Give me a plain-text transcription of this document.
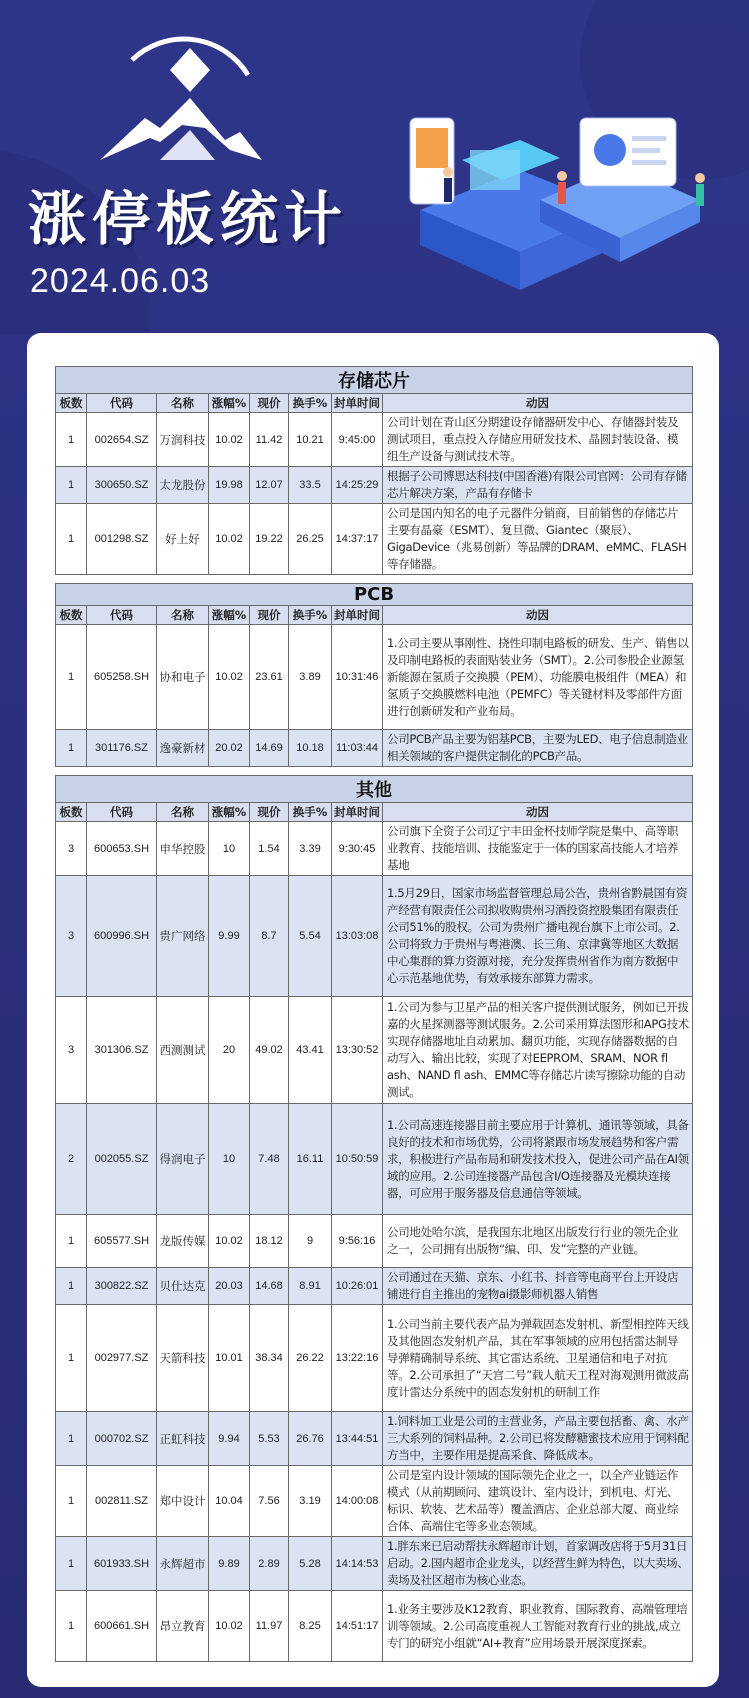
涨停板统计
2024.06.03
存储芯片							
板数	代码	名称	涨幅%	现价	换手%	封单时间	动因
1	002654.SZ	万润科技	10.02	11.42	10.21	9:45:00	公司计划在青山区分期建设存储器研发中心、存储器封装及测试项目，重点投入存储应用研发技术、晶圆封装设备、模组生产设备与测试技术等。
1	300650.SZ	太龙股份	19.98	12.07	33.5	14:25:29	根据子公司博思达科技(中国香港)有限公司官网：公司有存储芯片解决方案，产品有存储卡
1	001298.SZ	好上好	10.02	19.22	26.25	14:37:17	公司是国内知名的电子元器件分销商，目前销售的存储芯片主要有晶豪（ESMT）、复旦微、Giantec（聚辰）、GigaDevice（兆易创新）等品牌的DRAM、eMMC、FLASH等存储器。
PCB							
板数	代码	名称	涨幅%	现价	换手%	封单时间	动因
1	605258.SH	协和电子	10.02	23.61	3.89	10:31:46	1.公司主要从事刚性、挠性印制电路板的研发、生产、销售以及印制电路板的表面贴装业务（SMT）。2.公司参股企业源氢新能源在氢质子交换膜（PEM）、功能膜电极组件（MEA）和氢质子交换膜燃料电池（PEMFC）等关键材料及零部件方面进行创新研发和产业布局。
1	301176.SZ	逸豪新材	20.02	14.69	10.18	11:03:44	公司PCB产品主要为铝基PCB，主要为LED、电子信息制造业相关领域的客户提供定制化的PCB产品。
其他							
板数	代码	名称	涨幅%	现价	换手%	封单时间	动因
3	600653.SH	申华控股	10	1.54	3.39	9:30:45	公司旗下全资子公司辽宁丰田金杯技师学院是集中、高等职业教育、技能培训、技能鉴定于一体的国家高技能人才培养基地
3	600996.SH	贵广网络	9.99	8.7	5.54	13:03:08	1.5月29日，国家市场监督管理总局公告，贵州省黔晨国有资产经营有限责任公司拟收购贵州习酒投资控股集团有限责任公司51%的股权。公司为贵州广播电视台旗下上市公司。2.公司将致力于贵州与粤港澳、长三角、京津冀等地区大数据中心集群的算力资源对接，充分发挥贵州省作为南方数据中心示范基地优势，有效承接东部算力需求。
3	301306.SZ	西测测试	20	49.02	43.41	13:30:52	1.公司为参与卫星产品的相关客户提供测试服务，例如已开拔嘉的火星探测器等测试服务。2.公司采用算法图形和APG技术实现存储器地址自动累加、翻页功能，实现存储器数据的自动写入、输出比较，实现了对EEPROM、SRAM、NOR fl ash、NAND fl ash、EMMC等存储芯片读写擦除功能的自动测试。
2	002055.SZ	得润电子	10	7.48	16.11	10:50:59	1.公司高速连接器目前主要应用于计算机、通讯等领域，具备良好的技术和市场优势，公司将紧跟市场发展趋势和客户需求，积极进行产品布局和研发技术投入，促进公司产品在AI领域的应用。2.公司连接器产品包含I/O连接器及光模块连接器，可应用于服务器及信息通信等领域。
1	605577.SH	龙版传媒	10.02	18.12	9	9:56:16	公司地处哈尔滨，是我国东北地区出版发行行业的领先企业之一，公司拥有出版物“编、印、发”完整的产业链。
1	300822.SZ	贝仕达克	20.03	14.68	8.91	10:26:01	公司通过在天猫、京东、小红书、抖音等电商平台上开设店铺进行自主推出的宠物ai摄影师机器人销售
1	002977.SZ	天箭科技	10.01	38.34	26.22	13:22:16	1.公司当前主要代表产品为弹载固态发射机、新型相控阵天线及其他固态发射机产品，其在军事领域的应用包括雷达制导导弹精确制导系统、其它雷达系统、卫星通信和电子对抗等。2.公司承担了“天宫二号”载人航天工程对海观测用微波高度计雷达分系统中的固态发射机的研制工作
1	000702.SZ	正虹科技	9.94	5.53	26.76	13:44:51	1.饲料加工业是公司的主营业务，产品主要包括畜、禽、水产三大系列的饲料品种。2.公司已将发酵糖蜜技术应用于饲料配方当中，主要作用是提高采食、降低成本。
1	002811.SZ	郑中设计	10.04	7.56	3.19	14:00:08	公司是室内设计领域的国际领先企业之一，以全产业链运作模式（从前期顾问、建筑设计、室内设计，到机电、灯光、标识、软装、艺术品等）覆盖酒店、企业总部大厦、商业综合体、高端住宅等多业态领域。
1	601933.SH	永辉超市	9.89	2.89	5.28	14:14:53	1.胖东来已启动帮扶永辉超市计划，首家调改店将于5月31日启动。2.国内超市企业龙头，以经营生鲜为特色，以大卖场、卖场及社区超市为核心业态。
1	600661.SH	昂立教育	10.02	11.97	8.25	14:51:17	1.业务主要涉及K12教育、职业教育、国际教育、高端管理培训等领域。2.公司高度重视人工智能对教育行业的挑战,成立专门的研究小组就“AI+教育”应用场景开展深度探索。
